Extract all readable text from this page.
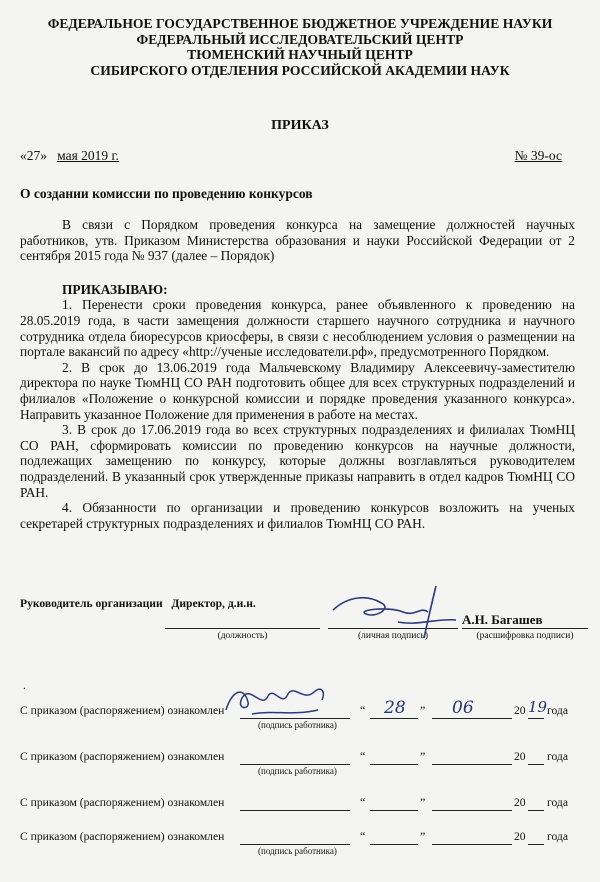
ФЕДЕРАЛЬНОЕ ГОСУДАРСТВЕННОЕ БЮДЖЕТНОЕ УЧРЕЖДЕНИЕ НАУКИ
ФЕДЕРАЛЬНЫЙ ИССЛЕДОВАТЕЛЬСКИЙ ЦЕНТР
ТЮМЕНСКИЙ НАУЧНЫЙ ЦЕНТР
СИБИРСКОГО ОТДЕЛЕНИЯ РОССИЙСКОЙ АКАДЕМИИ НАУК
ПРИКАЗ
«27» мая 2019 г.	№ 39-ос
О создании комиссии по проведению конкурсов

В связи с Порядком проведения конкурса на замещение должностей научных работников, утв. Приказом Министерства образования и науки Российской Федерации от 2 сентября 2015 года № 937 (далее – Порядок)

ПРИКАЗЫВАЮ:

1. Перенести сроки проведения конкурса, ранее объявленного к проведению на 28.05.2019 года, в части замещения должности старшего научного сотрудника и научного сотрудника отдела биоресурсов криосферы, в связи с несоблюдением условия о размещении на портале вакансий по адресу «http://ученые исследователи.рф», предусмотренного Порядком.

2. В срок до 13.06.2019 года Мальчевскому Владимиру Алексеевичу-заместителю директора по науке ТюмНЦ СО РАН подготовить общее для всех структурных подразделений и филиалов «Положение о конкурсной комиссии и порядке проведения указанного конкурса». Направить указанное Положение для применения в работе на местах.

3. В срок до 17.06.2019 года во всех структурных подразделениях и филиалах ТюмНЦ СО РАН, сформировать комиссии по проведению конкурсов на научные должности, подлежащих замещению по конкурсу, которые должны возглавляться руководителем подразделений. В указанный срок утвержденные приказы направить в отдел кадров ТюмНЦ СО РАН.

4. Обязанности по организации и проведению конкурсов возложить на ученых секретарей структурных подразделениях и филиалов ТюмНЦ СО РАН.

Руководитель организации Директор, д.и.н.
(должность)	(личная подпись)	(расшифровка подписи)
А.Н. Багашев
.
С приказом (распоряжением) ознакомлен
(подпись работника)
“ 28 ” 06	20 19 года
С приказом (распоряжением) ознакомлен
(подпись работника)
“	”	20 года
С приказом (распоряжением) ознакомлен	“	”	20 года
С приказом (распоряжением) ознакомлен
(подпись работника)
“	”	20 года
